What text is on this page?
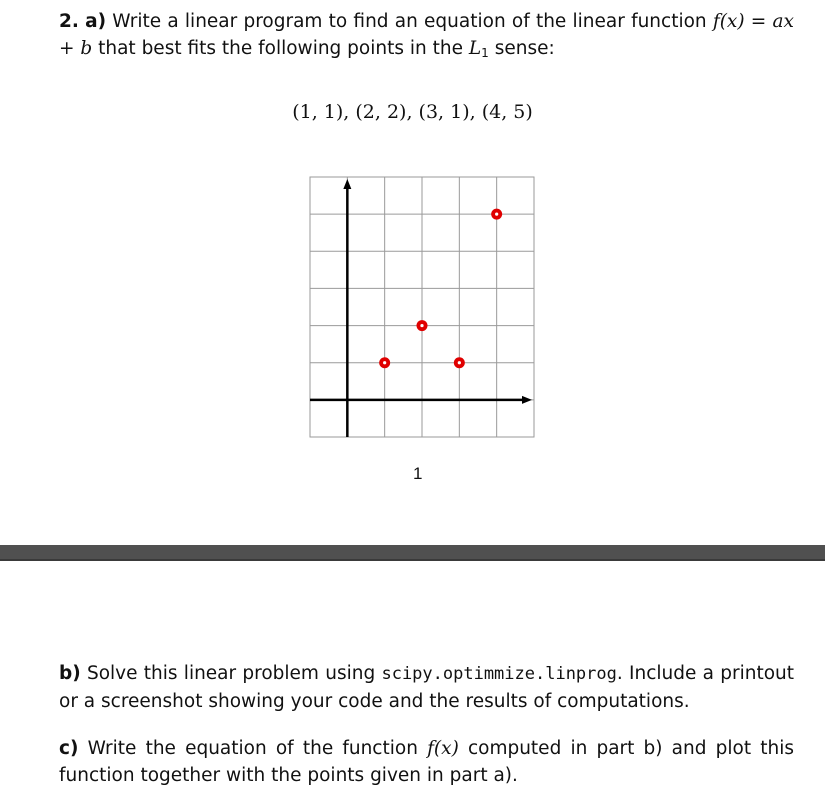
2. a) Write a linear program to find an equation of the linear function f(x) = ax + b that best fits the following points in the $L_1$ sense:
(1, 1), (2, 2), (3, 1), (4, 5)
1
b) Solve this linear problem using scipy.optimmize.linprog. Include a printout or a screenshot showing your code and the results of computations.
c) Write the equation of the function f(x) computed in part b) and plot this function together with the points given in part a).
